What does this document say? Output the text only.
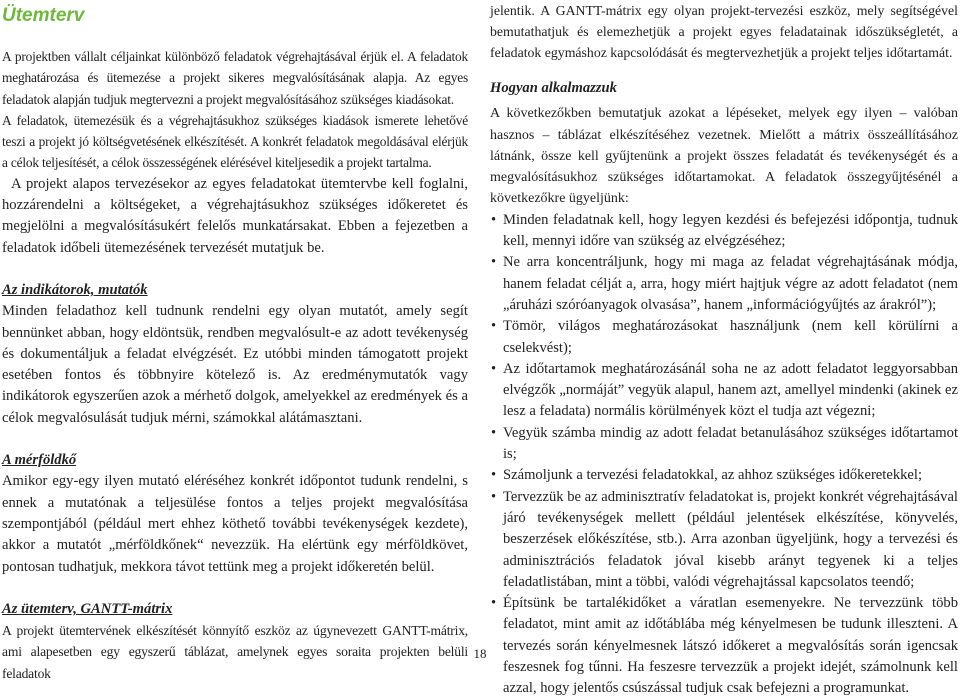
Ütemterv

A projektben vállalt céljainkat különböző feladatok végrehajtásával érjük el. A feladatok meghatározása és ütemezése a projekt sikeres megvalósításának alapja. Az egyes feladatok alapján tudjuk megtervezni a projekt megvalósításához szükséges kiadásokat.

A feladatok, ütemezésük és a végrehajtásukhoz szükséges kiadások ismerete lehetővé teszi a projekt jó költségvetésének elkészítését. A konkrét feladatok megoldásával elérjük a célok teljesítését, a célok összességének elérésével kiteljesedik a projekt tartalma.

A projekt alapos tervezésekor az egyes feladatokat ütemtervbe kell foglalni, hozzárendelni a költségeket, a végrehajtásukhoz szükséges időkeretet és megjelölni a megvalósításukért felelős munkatársakat. Ebben a fejezetben a feladatok időbeli ütemezésének tervezését mutatjuk be.

Az indikátorok, mutatók

Minden feladathoz kell tudnunk rendelni egy olyan mutatót, amely segít bennünket abban, hogy eldöntsük, rendben megvalósult-e az adott tevékenység és dokumentáljuk a feladat elvégzését. Ez utóbbi minden támogatott projekt esetében fontos és többnyire kötelező is. Az eredménymutatók vagy indikátorok egyszerűen azok a mérhető dolgok, amelyekkel az eredmények és a célok megvalósulását tudjuk mérni, számokkal alátámasztani.

A mérföldkő

Amikor egy-egy ilyen mutató eléréséhez konkrét időpontot tudunk rendelni, s ennek a mutatónak a teljesülése fontos a teljes projekt megvalósítása szempontjából (például mert ehhez köthető további tevékenységek kezdete), akkor a mutatót „mérföldkőnek“ nevezzük. Ha elértünk egy mérföldkövet, pontosan tudhatjuk, mekkora távot tettünk meg a projekt időkeretén belül.

Az ütemterv, GANTT-mátrix

A projekt ütemtervének elkészítését könnyítő eszköz az úgynevezett GANTT-mátrix, ami alapesetben egy egyszerű táblázat, amelynek egyes soraita projekten belüli feladatok

jelentik. A GANTT-mátrix egy olyan projekt-tervezési eszköz, mely segítségével bemutathatjuk és elemezhetjük a projekt egyes feladatainak időszükségletét, a feladatok egymáshoz kapcsolódását és megtervezhetjük a projekt teljes időtartamát.

Hogyan alkalmazzuk

A következőkben bemutatjuk azokat a lépéseket, melyek egy ilyen – valóban hasznos – táblázat elkészítéséhez vezetnek. Mielőtt a mátrix összeállításához látnánk, össze kell gyűjtenünk a projekt összes feladatát és tevékenységét és a megvalósításukhoz szükséges időtartamokat. A feladatok összegyűjtésénél a következőkre ügyeljünk:

• Minden feladatnak kell, hogy legyen kezdési és befejezési időpontja, tudnuk kell, mennyi időre van szükség az elvégzéséhez;
• Ne arra koncentráljunk, hogy mi maga az feladat végrehajtásának módja, hanem feladat célját a, arra, hogy miért hajtjuk végre az adott feladatot (nem „áruházi szóróanyagok olvasása”, hanem „információgyűjtés az árakról”);
• Tömör, világos meghatározásokat használjunk (nem kell körülírni a cselekvést);
• Az időtartamok meghatározásánál soha ne az adott feladatot leggyorsabban elvégzők „normáját” vegyük alapul, hanem azt, amellyel mindenki (akinek ez lesz a feladata) normális körülmények közt el tudja azt végezni;
• Vegyük számba mindig az adott feladat betanulásához szükséges időtartamot is;
• Számoljunk a tervezési feladatokkal, az ahhoz szükséges időkeretekkel;
• Tervezzük be az adminisztratív feladatokat is, projekt konkrét végrehajtásával járó tevékenységek mellett (például jelentések elkészítése, könyvelés, beszerzések előkészítése, stb.). Arra azonban ügyeljünk, hogy a tervezési és adminisztrációs feladatok jóval kisebb arányt tegyenek ki a teljes feladatlistában, mint a többi, valódi végrehajtással kapcsolatos teendő;
• Építsünk be tartalékidőket a váratlan esemenyekre. Ne tervezzünk több feladatot, mint amit az időtáblába még kényelmesen be tudunk illeszteni. A tervezés során kényelmesnek látszó időkeret a megvalósítás során igencsak feszesnek fog tűnni. Ha feszesre tervezzük a projekt idejét, számolnunk kell azzal, hogy jelentős csúszással tudjuk csak befejezni a programunkat.
18
